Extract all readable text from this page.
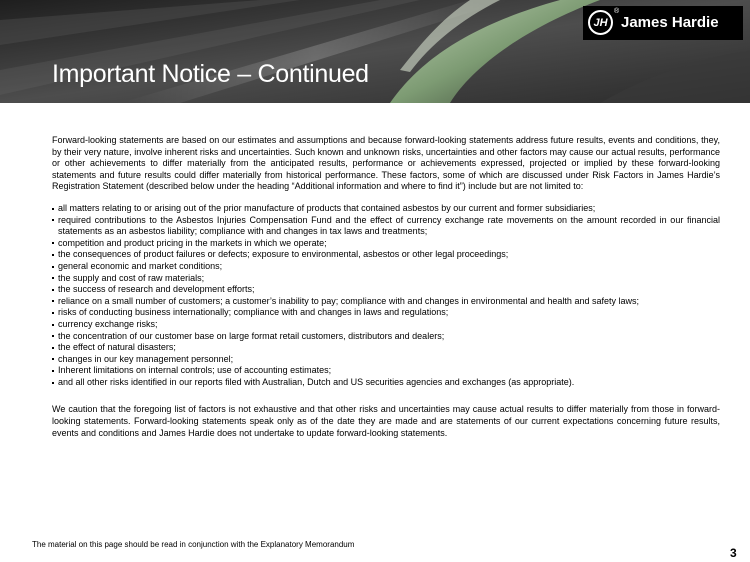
Important Notice – Continued
JH
®
James Hardie

Forward-looking statements are based on our estimates and assumptions and because forward-looking statements address future results, events and conditions, they, by their very nature, involve inherent risks and uncertainties. Such known and unknown risks, uncertainties and other factors may cause our actual results, performance or other achievements to differ materially from the anticipated results, performance or achievements expressed, projected or implied by these forward-looking statements and future results could differ materially from historical performance. These factors, some of which are discussed under Risk Factors in James Hardie’s Registration Statement (described below under the heading “Additional information and where to find it”) include but are not limited to:

all matters relating to or arising out of the prior manufacture of products that contained asbestos by our current and former subsidiaries;
required contributions to the Asbestos Injuries Compensation Fund and the effect of currency exchange rate movements on the amount recorded in our financial statements as an asbestos liability; compliance with and changes in tax laws and treatments;
competition and product pricing in the markets in which we operate;
the consequences of product failures or defects; exposure to environmental, asbestos or other legal proceedings;
general economic and market conditions;
the supply and cost of raw materials;
the success of research and development efforts;
reliance on a small number of customers; a customer’s inability to pay; compliance with and changes in environmental and health and safety laws;
risks of conducting business internationally; compliance with and changes in laws and regulations;
currency exchange risks;
the concentration of our customer base on large format retail customers, distributors and dealers;
the effect of natural disasters;
changes in our key management personnel;
Inherent limitations on internal controls; use of accounting estimates;
and all other risks identified in our reports filed with Australian, Dutch and US securities agencies and exchanges (as appropriate).

We caution that the foregoing list of factors is not exhaustive and that other risks and uncertainties may cause actual results to differ materially from those in forward-looking statements. Forward-looking statements speak only as of the date they are made and are statements of our current expectations concerning future results, events and conditions and James Hardie does not undertake to update forward-looking statements.

The material on this page should be read in conjunction with the Explanatory Memorandum
3
